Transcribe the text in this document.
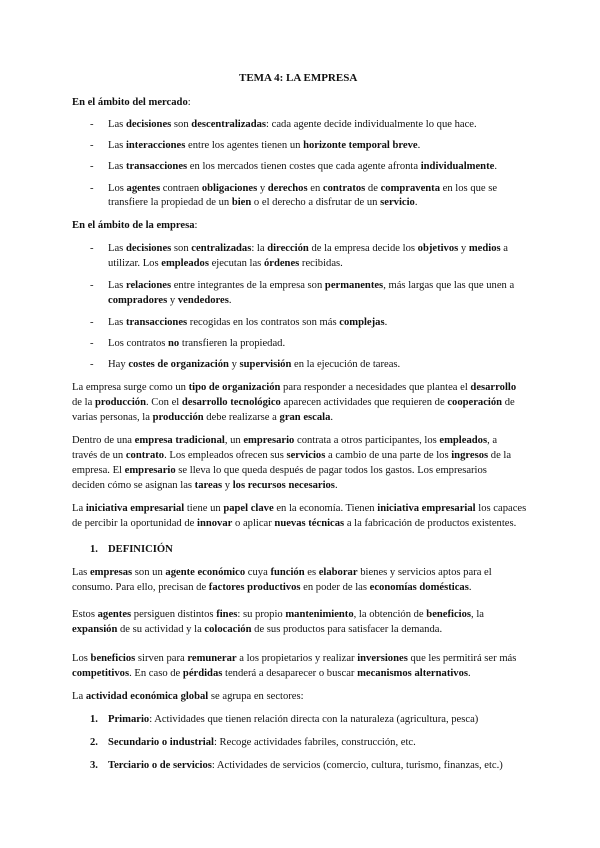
TEMA 4: LA EMPRESA
En el ámbito del mercado:
- Las decisiones son descentralizadas: cada agente decide individualmente lo que hace.
- Las interacciones entre los agentes tienen un horizonte temporal breve.
- Las transacciones en los mercados tienen costes que cada agente afronta individualmente.
- Los agentes contraen obligaciones y derechos en contratos de compraventa en los que se
transfiere la propiedad de un bien o el derecho a disfrutar de un servicio.
En el ámbito de la empresa:
- Las decisiones son centralizadas: la dirección de la empresa decide los objetivos y medios a
utilizar. Los empleados ejecutan las órdenes recibidas.
- Las relaciones entre integrantes de la empresa son permanentes, más largas que las que unen a
compradores y vendedores.
- Las transacciones recogidas en los contratos son más complejas.
- Los contratos no transfieren la propiedad.
- Hay costes de organización y supervisión en la ejecución de tareas.
La empresa surge como un tipo de organización para responder a necesidades que plantea el desarrollo
de la producción. Con el desarrollo tecnológico aparecen actividades que requieren de cooperación de
varias personas, la producción debe realizarse a gran escala.
Dentro de una empresa tradicional, un empresario contrata a otros participantes, los empleados, a
través de un contrato. Los empleados ofrecen sus servicios a cambio de una parte de los ingresos de la
empresa. El empresario se lleva lo que queda después de pagar todos los gastos. Los empresarios
deciden cómo se asignan las tareas y los recursos necesarios.
La iniciativa empresarial tiene un papel clave en la economía. Tienen iniciativa empresarial los capaces
de percibir la oportunidad de innovar o aplicar nuevas técnicas a la fabricación de productos existentes.
1. DEFINICIÓN
Las empresas son un agente económico cuya función es elaborar bienes y servicios aptos para el
consumo. Para ello, precisan de factores productivos en poder de las economías domésticas.
Estos agentes persiguen distintos fines: su propio mantenimiento, la obtención de beneficios, la
expansión de su actividad y la colocación de sus productos para satisfacer la demanda.
Los beneficios sirven para remunerar a los propietarios y realizar inversiones que les permitirá ser más
competitivos. En caso de pérdidas tenderá a desaparecer o buscar mecanismos alternativos.
La actividad económica global se agrupa en sectores:
1. Primario: Actividades que tienen relación directa con la naturaleza (agricultura, pesca)
2. Secundario o industrial: Recoge actividades fabriles, construcción, etc.
3. Terciario o de servicios: Actividades de servicios (comercio, cultura, turismo, finanzas, etc.)
